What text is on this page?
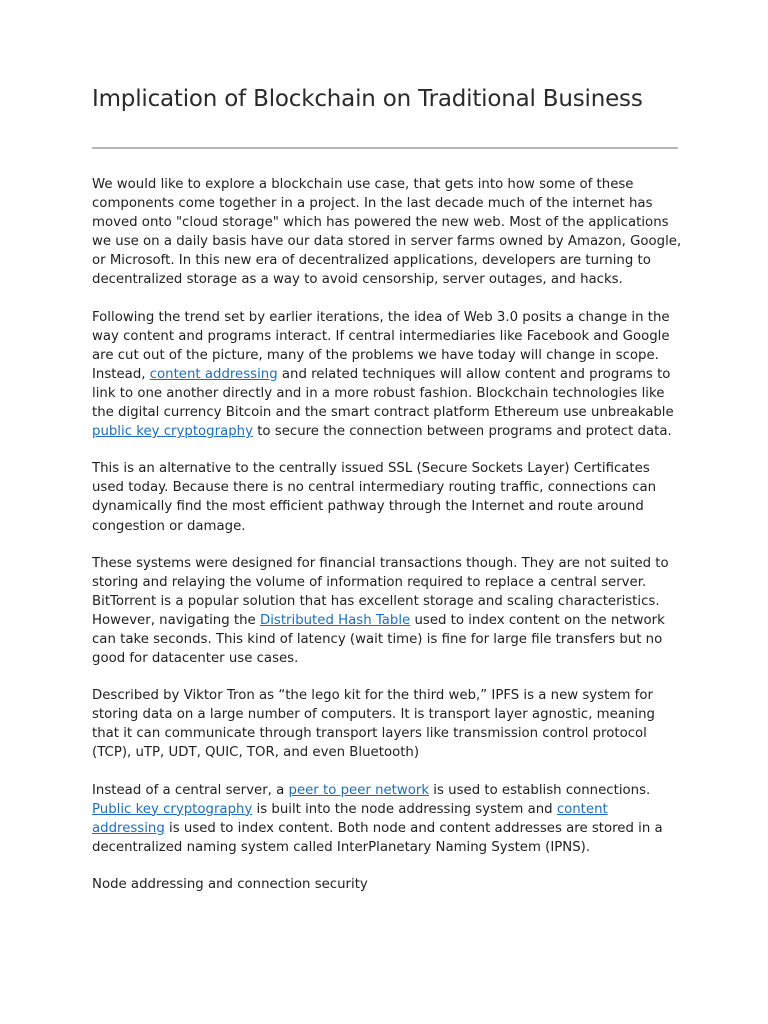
Implication of Blockchain on Traditional Business

We would like to explore a blockchain use case, that gets into how some of these components come together in a project. In the last decade much of the internet has moved onto "cloud storage" which has powered the new web. Most of the applications we use on a daily basis have our data stored in server farms owned by Amazon, Google, or Microsoft. In this new era of decentralized applications, developers are turning to decentralized storage as a way to avoid censorship, server outages, and hacks.

Following the trend set by earlier iterations, the idea of Web 3.0 posits a change in the way content and programs interact. If central intermediaries like Facebook and Google are cut out of the picture, many of the problems we have today will change in scope.
Instead, content addressing and related techniques will allow content and programs to link to one another directly and in a more robust fashion. Blockchain technologies like the digital currency Bitcoin and the smart contract platform Ethereum use unbreakable public key cryptography to secure the connection between programs and protect data.

This is an alternative to the centrally issued SSL (Secure Sockets Layer) Certificates used today. Because there is no central intermediary routing traffic, connections can dynamically find the most efficient pathway through the Internet and route around congestion or damage.

These systems were designed for financial transactions though. They are not suited to storing and relaying the volume of information required to replace a central server. BitTorrent is a popular solution that has excellent storage and scaling characteristics. However, navigating the Distributed Hash Table used to index content on the network can take seconds. This kind of latency (wait time) is fine for large file transfers but no good for datacenter use cases.

Described by Viktor Tron as “the lego kit for the third web,” IPFS is a new system for storing data on a large number of computers. It is transport layer agnostic, meaning that it can communicate through transport layers like transmission control protocol (TCP), uTP, UDT, QUIC, TOR, and even Bluetooth)

Instead of a central server, a peer to peer network is used to establish connections. Public key cryptography is built into the node addressing system and content addressing is used to index content. Both node and content addresses are stored in a decentralized naming system called InterPlanetary Naming System (IPNS).

Node addressing and connection security
